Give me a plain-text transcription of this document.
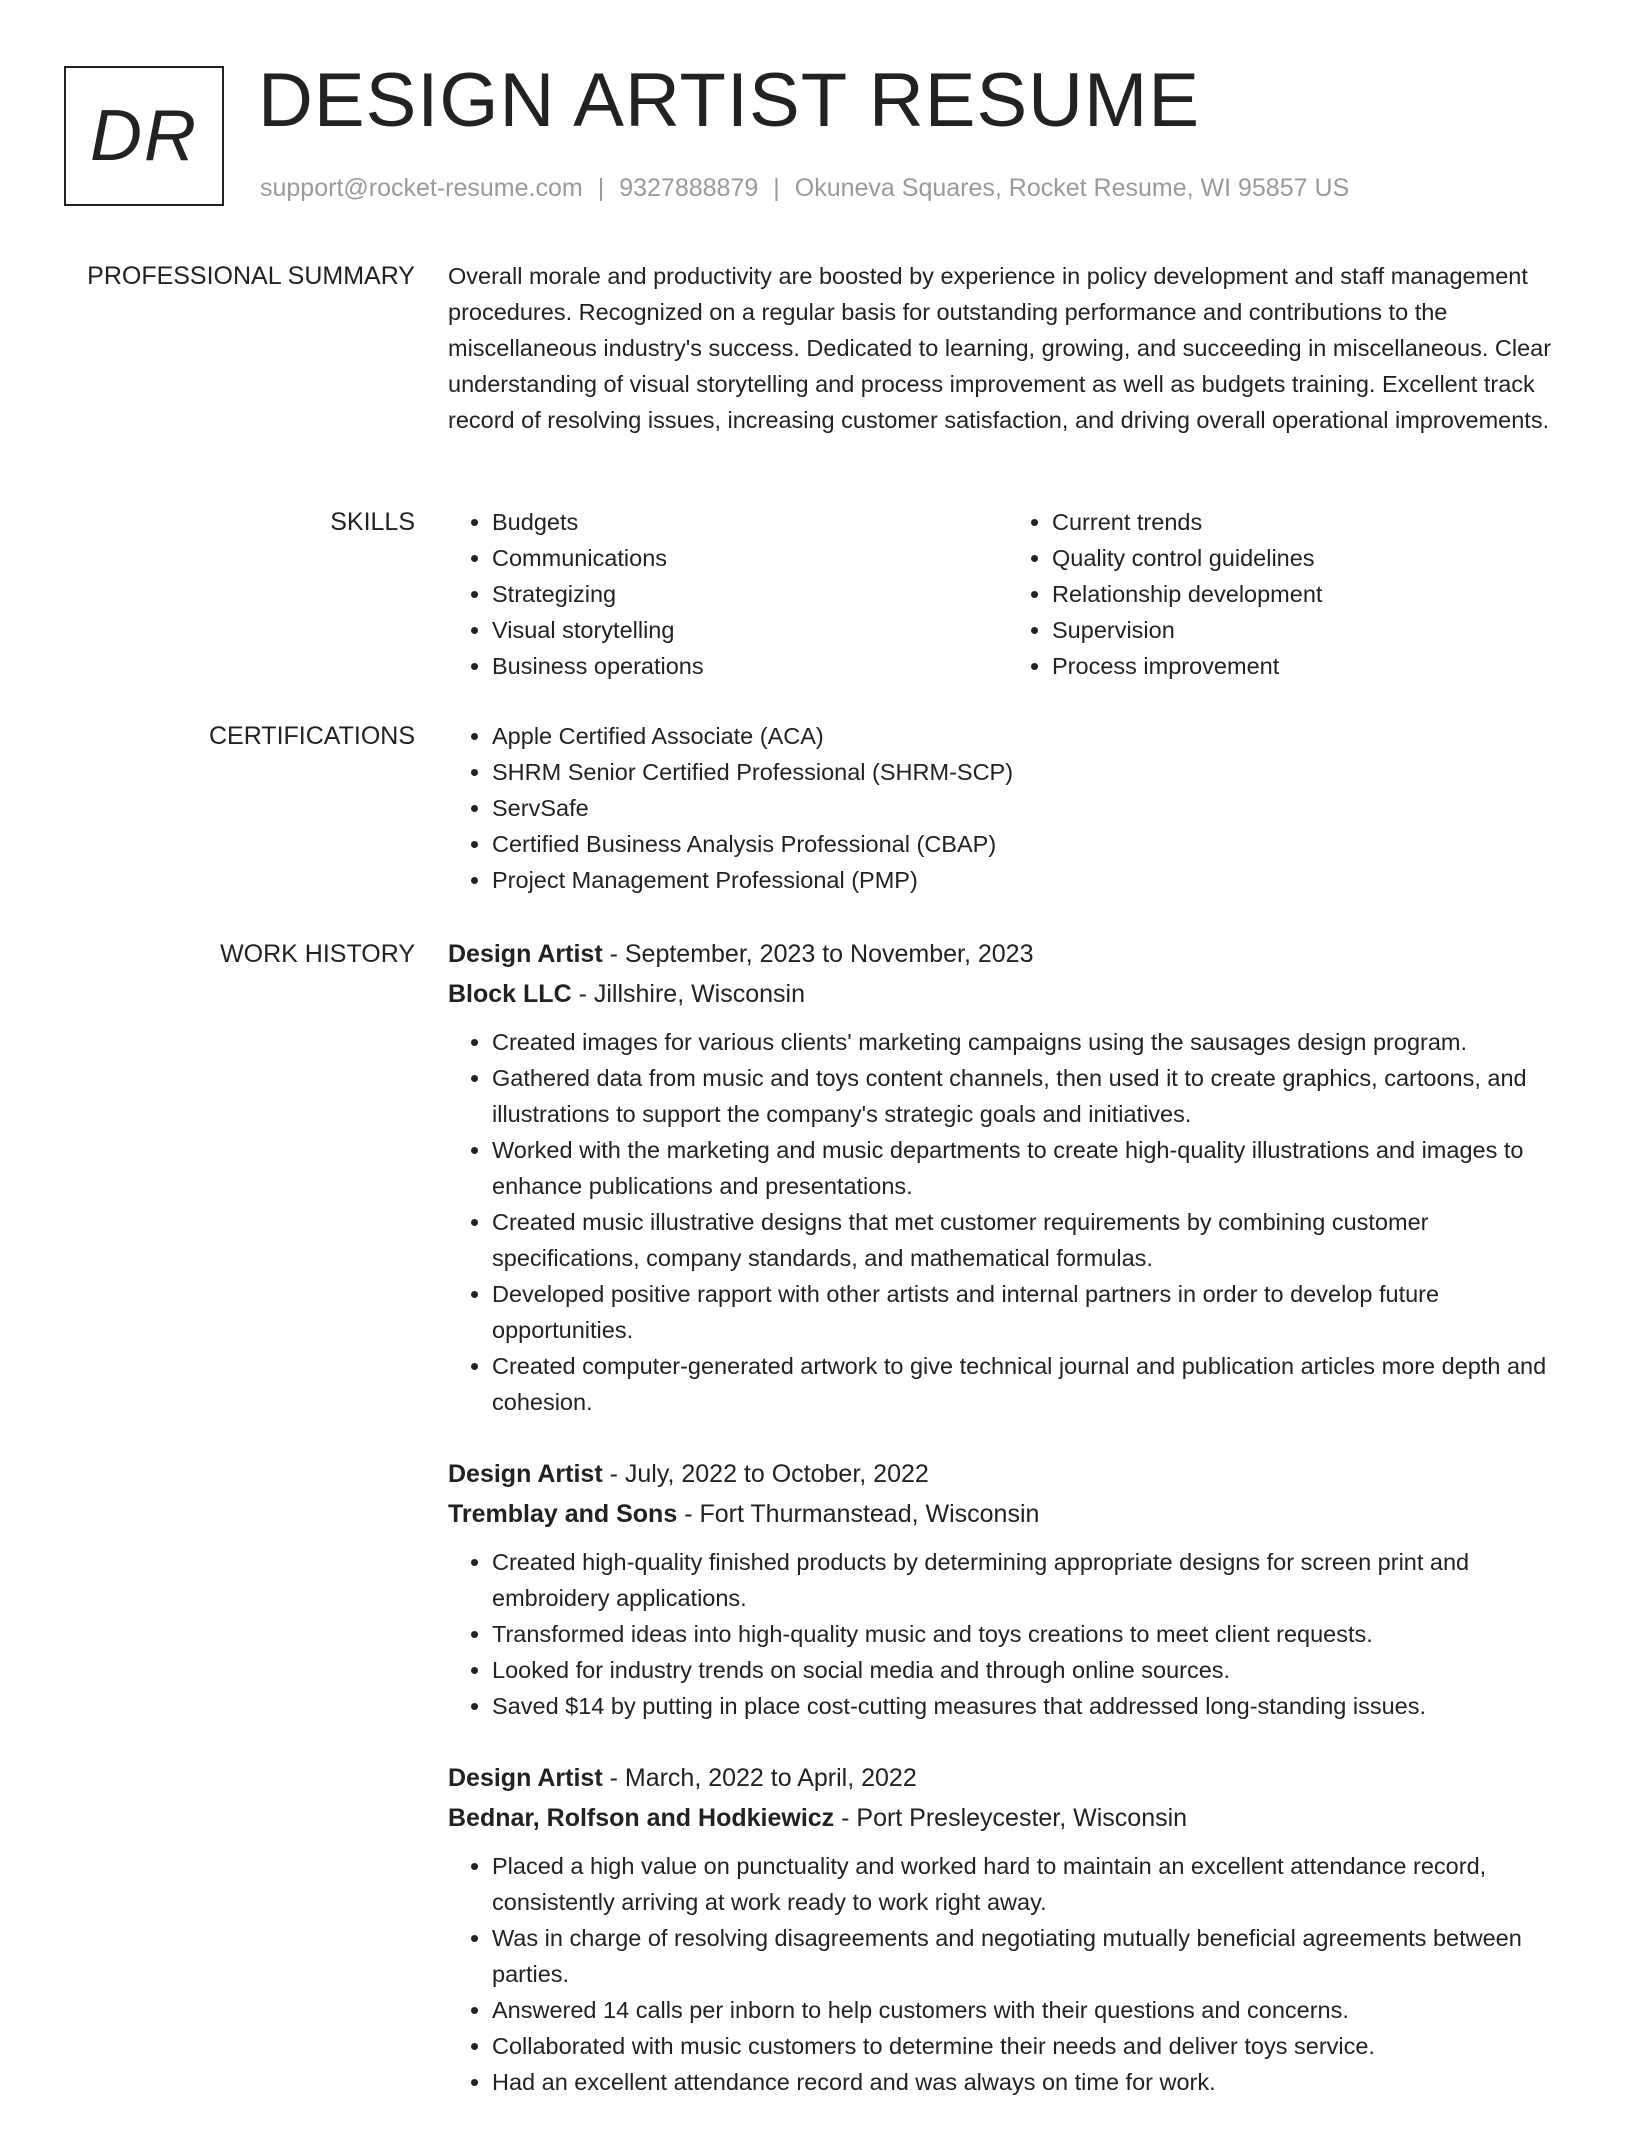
DR DESIGN ARTIST RESUME
support@rocket-resume.com | 9327888879 | Okuneva Squares, Rocket Resume, WI 95857 US
PROFESSIONAL SUMMARY Overall morale and productivity are boosted by experience in policy development and staff management procedures. Recognized on a regular basis for outstanding performance and contributions to the miscellaneous industry's success. Dedicated to learning, growing, and succeeding in miscellaneous. Clear understanding of visual storytelling and process improvement as well as budgets training. Excellent track record of resolving issues, increasing customer satisfaction, and driving overall operational improvements.

SKILLS	• Budgets
• Communications
• Strategizing
• Visual storytelling
• Business operations
• Current trends
• Quality control guidelines
• Relationship development
• Supervision
• Process improvement
CERTIFICATIONS	• Apple Certified Associate (ACA)
• SHRM Senior Certified Professional (SHRM-SCP)
• ServSafe
• Certified Business Analysis Professional (CBAP)
• Project Management Professional (PMP)
WORK HISTORY Design Artist - September, 2023 to November, 2023
Block LLC - Jillshire, Wisconsin
• Created images for various clients' marketing campaigns using the sausages design program.
• Gathered data from music and toys content channels, then used it to create graphics, cartoons, and illustrations to support the company's strategic goals and initiatives.
• Worked with the marketing and music departments to create high-quality illustrations and images to enhance publications and presentations.
• Created music illustrative designs that met customer requirements by combining customer specifications, company standards, and mathematical formulas.
• Developed positive rapport with other artists and internal partners in order to develop future opportunities.
• Created computer-generated artwork to give technical journal and publication articles more depth and cohesion.
Design Artist - July, 2022 to October, 2022
Tremblay and Sons - Fort Thurmanstead, Wisconsin
• Created high-quality finished products by determining appropriate designs for screen print and embroidery applications.
• Transformed ideas into high-quality music and toys creations to meet client requests.
• Looked for industry trends on social media and through online sources.
• Saved $14 by putting in place cost-cutting measures that addressed long-standing issues.
Design Artist - March, 2022 to April, 2022
Bednar, Rolfson and Hodkiewicz - Port Presleycester, Wisconsin
• Placed a high value on punctuality and worked hard to maintain an excellent attendance record, consistently arriving at work ready to work right away.
• Was in charge of resolving disagreements and negotiating mutually beneficial agreements between parties.
• Answered 14 calls per inborn to help customers with their questions and concerns.
• Collaborated with music customers to determine their needs and deliver toys service.
• Had an excellent attendance record and was always on time for work.
